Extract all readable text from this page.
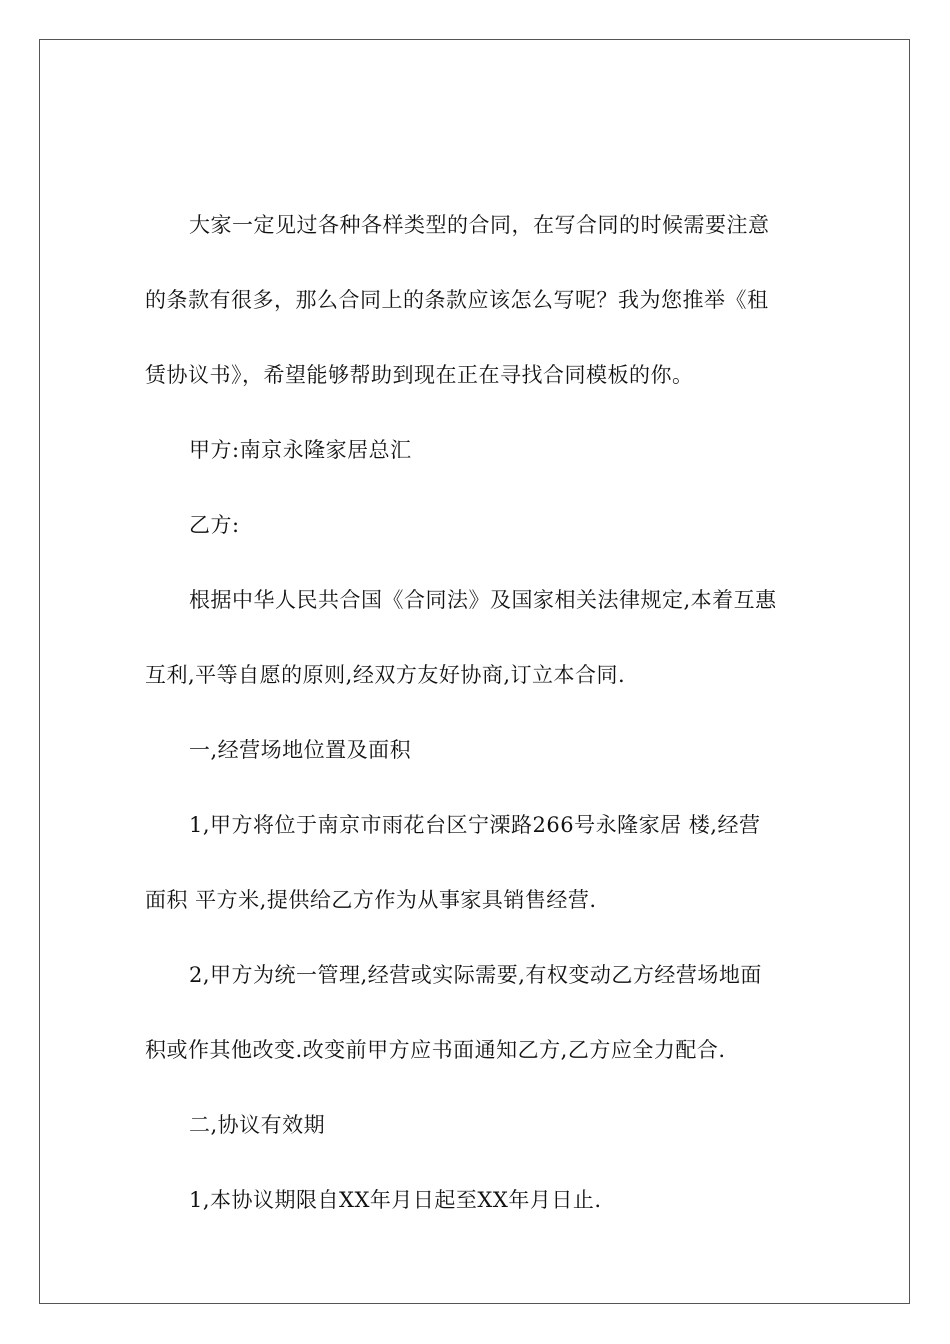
大家一定见过各种各样类型的合同，在写合同的时候需要注意
的条款有很多，那么合同上的条款应该怎么写呢？我为您推举《租
赁协议书》，希望能够帮助到现在正在寻找合同模板的你。
甲方:南京永隆家居总汇
乙方:
根据中华人民共合国《合同法》及国家相关法律规定,本着互惠
互利,平等自愿的原则,经双方友好协商,订立本合同.
一,经营场地位置及面积
1,甲方将位于南京市雨花台区宁溧路266号永隆家居 楼,经营
面积 平方米,提供给乙方作为从事家具销售经营.
2,甲方为统一管理,经营或实际需要,有权变动乙方经营场地面
积或作其他改变.改变前甲方应书面通知乙方,乙方应全力配合.
二,协议有效期
1,本协议期限自XX年月日起至XX年月日止.
